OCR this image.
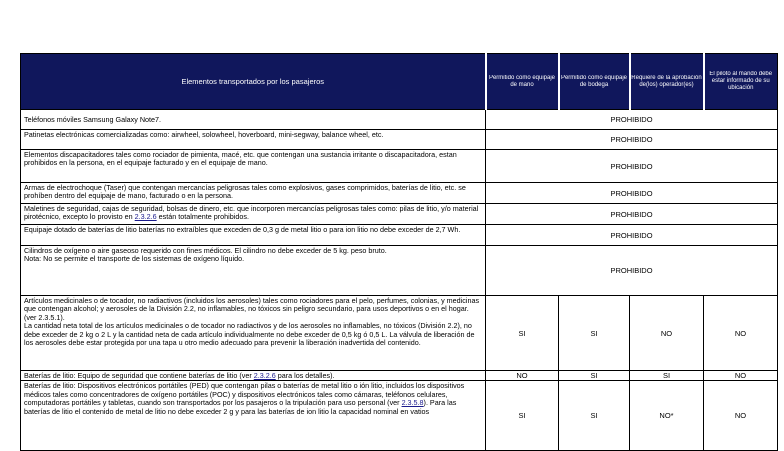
Elementos transportados por los pasajeros	Permitido como equipaje de mano	Permitido como equipaje de bodega	Requiere de la aprobación de(los) operador(es)	El piloto al mando debe estar informado de su ubicación

Teléfonos móviles Samsung Galaxy Note7.	PROHIBIDO			
Patinetas electrónicas comercializadas como: airwheel, solowheel, hoverboard, mini-segway, balance wheel, etc.	PROHIBIDO			
Elementos discapacitadores tales como rociador de pimienta, macé, etc. que contengan una sustancia irritante o discapacitadora, estan prohibidos en la persona, en el equipaje facturado y en el equipaje de mano.	PROHIBIDO			
Armas de electrochoque (Taser) que contengan mercancías peligrosas tales como explosivos, gases comprimidos, baterías de litio, etc. se prohíben dentro del equipaje de mano, facturado o en la persona.	PROHIBIDO			
Maletines de seguridad, cajas de seguridad, bolsas de dinero, etc. que incorporen mercancías peligrosas tales como: pilas de litio, y/o material pirotécnico, excepto lo provisto en 2.3.2.6 están totalmente prohibidos.	PROHIBIDO			
Equipaje dotado de baterías de litio baterías no extraíbles que exceden de 0,3 g de metal litio o para ion litio no debe exceder de 2,7 Wh.	PROHIBIDO			

Cilindros de oxígeno o aire gaseoso requerido con fines médicos. El cilindro no debe exceder de 5 kg. peso bruto.

Nota: No se permite el transporte de los sistemas de oxígeno líquido.	PROHIBIDO			

Artículos medicinales o de tocador, no radiactivos (incluidos los aerosoles) tales como rociadores para el pelo, perfumes, colonias, y medicinas que contengan alcohol; y aerosoles de la División 2.2, no inflamables, no tóxicos sin peligro secundario, para usos deportivos o en el hogar. (ver 2.3.5.1).

La cantidad neta total de los artículos medicinales o de tocador no radiactivos y de los aerosoles no inflamables, no tóxicos (División 2.2), no debe exceder de 2 kg o 2 L y la cantidad neta de cada artículo individualmente no debe exceder de 0,5 kg ó 0,5 L. La válvula de liberación de los aerosoles debe estar protegida por una tapa u otro medio adecuado para prevenir la liberación inadvertida del contenido.	SI	SI	NO	NO
Baterías de litio: Equipo de seguridad que contiene baterías de litio (ver 2.3.2.6 para los detalles).	NO	SI	SI	NO
Baterías de litio: Dispositivos electrónicos portátiles (PED) que contengan pilas o baterías de metal litio o ión litio, incluidos los dispositivos médicos tales como concentradores de oxígeno portátiles (POC) y dispositivos electrónicos tales como cámaras, teléfonos celulares, computadoras portátiles y tabletas, cuando son transportados por los pasajeros o la tripulación para uso personal (ver 2.3.5.8). Para las baterías de litio el contenido de metal de litio no debe exceder 2 g y para las baterías de ion litio la capacidad nominal en vatios	SI	SI	NO*	NO
